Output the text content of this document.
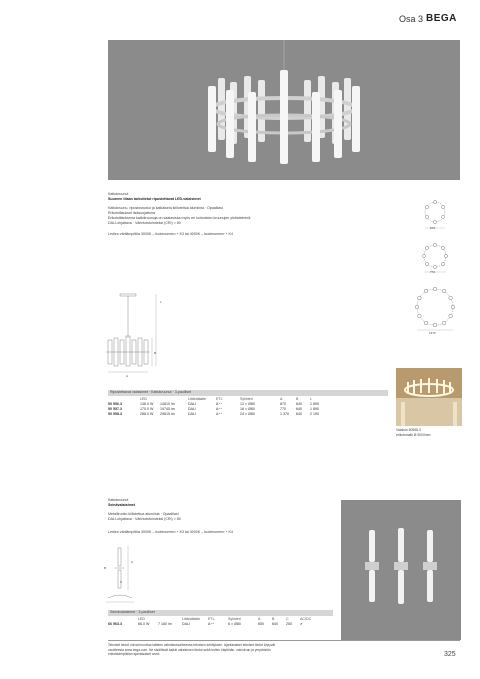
Osa 3 BEGA
Kattokruunut
Suureen tilaan tarkoitetut ripustettavat LED-valaisimet
Kattokruunu, ripustusrunko ja katkaisela kiillotettua alumiinia · Opaalilasi
Erikoistilaukset lisäsuojattuna
Erikoistilauksena kattokruunuja on saatavissa myös eri korkuisten kruunujen yhdistelminä.
DALI-ohjattava · Värintoistoindeksi (CRI) > 80
Ledien värilämpötila 3000K – tuotenumero + K3 tai 4000K – tuotenumero + K4
670
770
1370
L
B
A
Ripustettavat valaisimet · Kattokruunut · 3-paolliset
	LED		Liitäntälaite	ETL	Sylinteri	A	B	L
50 556.3	138.0 W	14810 lm	DALI	A⁺⁺	12 × Ø80	870	640	1 890
50 557.3	170.0 W	19745 lm	DALI	A⁺⁺	16 × Ø80	770	640	1 890
50 558.3	288.0 W	29615 lm	DALI	A⁺⁺	24 × Ø80	1 370	640	2 190
Valaisin 50558.3
erikoismalli Ø 3000mm
Kattokruunut
Seinävalaisimet
Metallirunko kiillotettua alumiinia · Opaalilasi
DALI-ohjattava · Värintoistoindeksi (CRI) > 80
Ledien värilämpötila 3000K – tuotenumero + K3 tai 4000K – tuotenumero + K4
A
B
C
Seinävalaisimet · 3-paolliset
	LED		Liitäntälaite	ETL	Sylinteri	A	B	C	AC/DC
66 563.3	66.0 W	7 160 lm	DALI	A⁺⁺	6 × Ø80	650	640	250	✔
Tekniset tiedot voivat muuttua laitteen valmistusvaiheessa teknisen kehityksen. Ajantasaiset tekniset tiedot löytyvät
osoitteesta www.bega.com. Ne sisältävät kaikki valaisimen tiedot sekä ledien käyttöiän, valovirran ja ympäristön
erikoislämpötilan ajantasaiset arvot.	325
